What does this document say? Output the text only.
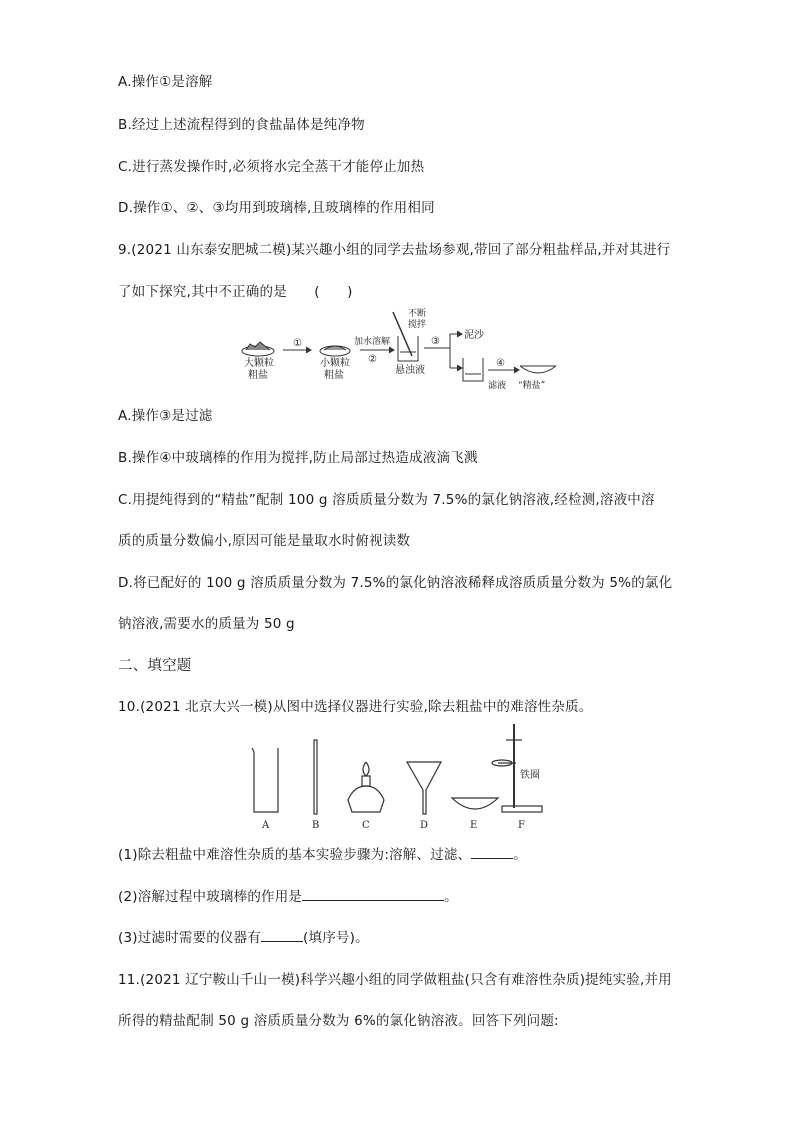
A.操作①是溶解
B.经过上述流程得到的食盐晶体是纯净物
C.进行蒸发操作时,必须将水完全蒸干才能停止加热
D.操作①、②、③均用到玻璃棒,且玻璃棒的作用相同
9.(2021 山东泰安肥城二模)某兴趣小组的同学去盐场参观,带回了部分粗盐样品,并对其进行
了如下探究,其中不正确的是　　(　　)
大颗粒
粗盐
①
小颗粒
粗盐
加水溶解
②
不断
搅拌
悬浊液
③
泥沙
滤液
④
“精盐”
A.操作③是过滤
B.操作④中玻璃棒的作用为搅拌,防止局部过热造成液滴飞溅
C.用提纯得到的“精盐”配制 100 g 溶质质量分数为 7.5%的氯化钠溶液,经检测,溶液中溶
质的质量分数偏小,原因可能是量取水时俯视读数
D.将已配好的 100 g 溶质质量分数为 7.5%的氯化钠溶液稀释成溶质质量分数为 5%的氯化
钠溶液,需要水的质量为 50 g
二、填空题
10.(2021 北京大兴一模)从图中选择仪器进行实验,除去粗盐中的难溶性杂质。
A	B	C	D	E	F
铁圈
(1)除去粗盐中难溶性杂质的基本实验步骤为:溶解、过滤、	。
(2)溶解过程中玻璃棒的作用是	。
(3)过滤时需要的仪器有	(填序号)。
11.(2021 辽宁鞍山千山一模)科学兴趣小组的同学做粗盐(只含有难溶性杂质)提纯实验,并用
所得的精盐配制 50 g 溶质质量分数为 6%的氯化钠溶液。回答下列问题:
